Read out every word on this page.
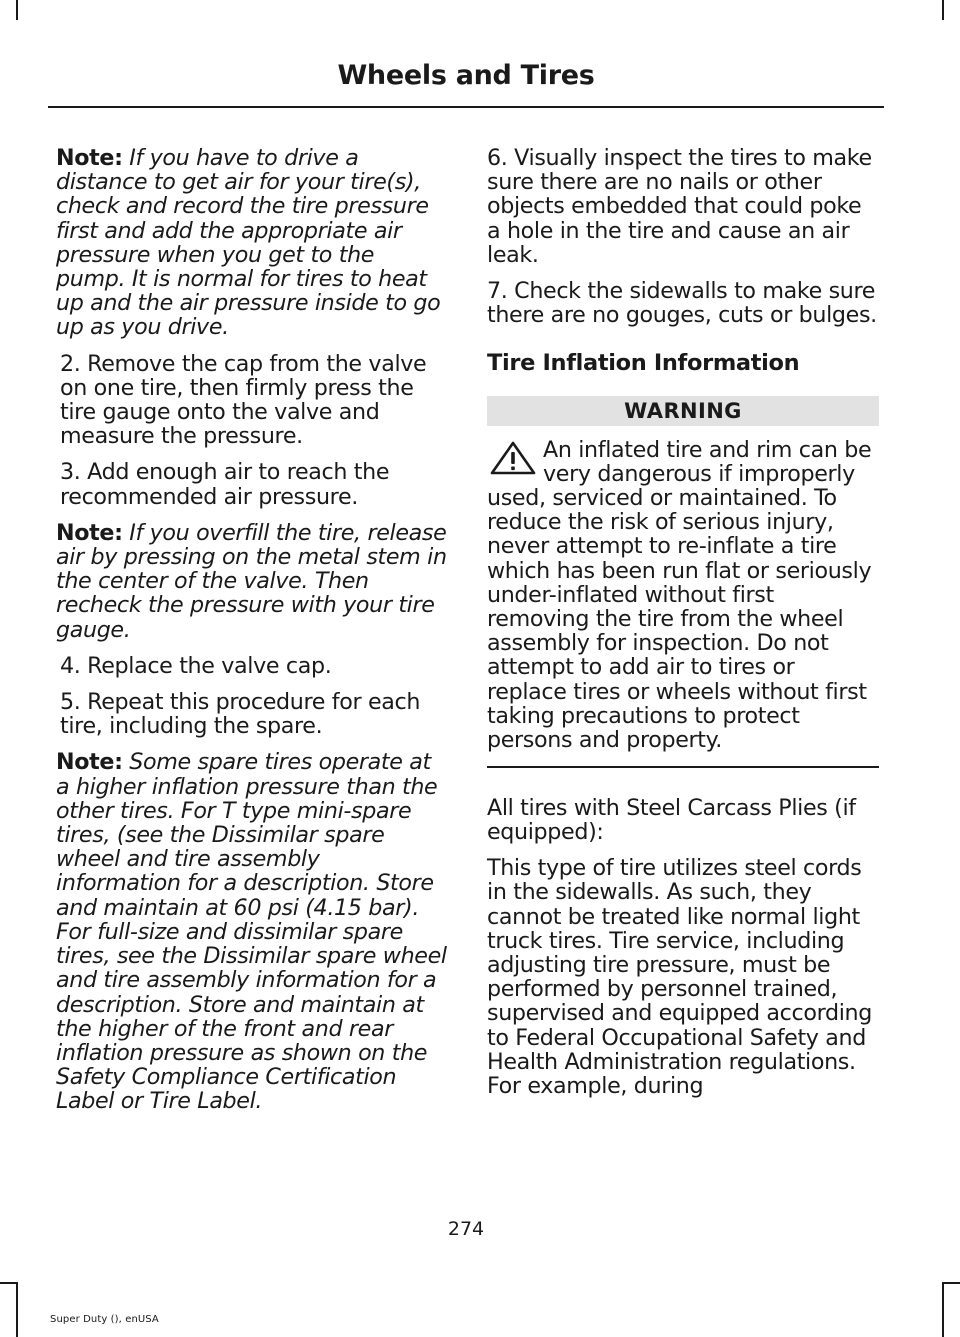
Wheels and Tires

Note: If you have to drive a distance to get air for your tire(s), check and record the tire pressure first and add the appropriate air pressure when you get to the pump. It is normal for tires to heat up and the air pressure inside to go up as you drive.

2. Remove the cap from the valve on one tire, then firmly press the tire gauge onto the valve and measure the pressure.

3. Add enough air to reach the recommended air pressure.

Note: If you overfill the tire, release air by pressing on the metal stem in the center of the valve. Then recheck the pressure with your tire gauge.

4. Replace the valve cap.

5. Repeat this procedure for each tire, including the spare.

Note: Some spare tires operate at a higher inflation pressure than the other tires. For T type mini-spare tires, (see the Dissimilar spare wheel and tire assembly information for a description. Store and maintain at 60 psi (4.15 bar). For full-size and dissimilar spare tires, see the Dissimilar spare wheel and tire assembly information for a description. Store and maintain at the higher of the front and rear inflation pressure as shown on the Safety Compliance Certification Label or Tire Label.

6. Visually inspect the tires to make sure there are no nails or other objects embedded that could poke a hole in the tire and cause an air leak.

7. Check the sidewalls to make sure there are no gouges, cuts or bulges.

Tire Inflation Information

WARNING
An inflated tire and rim can be very dangerous if improperly used, serviced or maintained. To reduce the risk of serious injury, never attempt to re-inflate a tire which has been run flat or seriously under-inflated without first removing the tire from the wheel assembly for inspection. Do not attempt to add air to tires or replace tires or wheels without first taking precautions to protect persons and property.

All tires with Steel Carcass Plies (if equipped):

This type of tire utilizes steel cords in the sidewalls. As such, they cannot be treated like normal light truck tires. Tire service, including adjusting tire pressure, must be performed by personnel trained, supervised and equipped according to Federal Occupational Safety and Health Administration regulations. For example, during

274
Super Duty (), enUSA
